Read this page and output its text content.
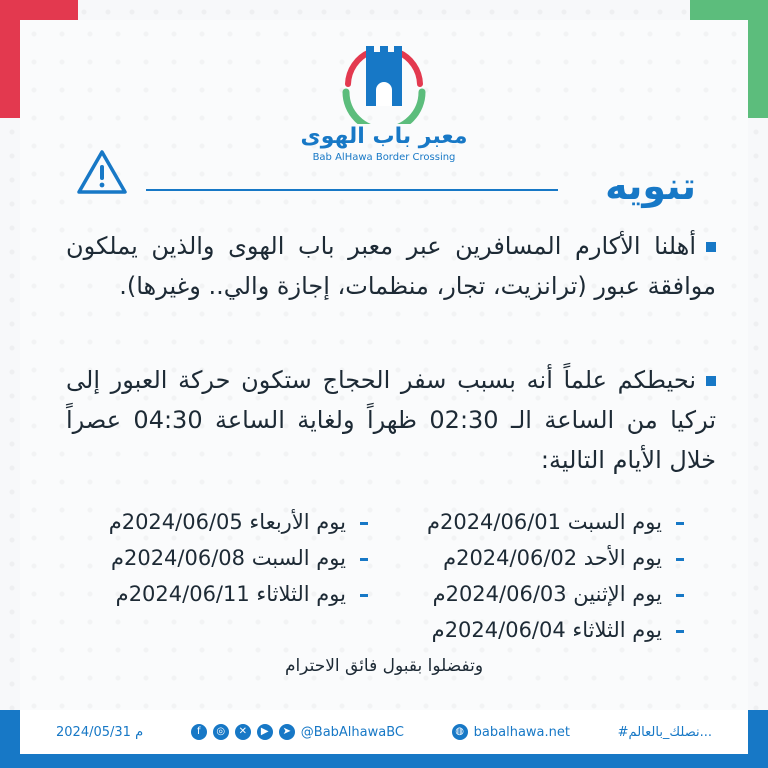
معبر باب الهوى
Bab AlHawa Border Crossing
تنويه
أهلنا الأكارم المسافرين عبر معبر باب الهوى والذين يملكون موافقة عبور (ترانزيت، تجار، منظمات، إجازة والي.. وغيرها).
نحيطكم علماً أنه بسبب سفر الحجاج ستكون حركة العبور إلى تركيا من الساعة الـ 02:30 ظهراً ولغاية الساعة 04:30 عصراً خلال الأيام التالية:
يوم السبت 2024/06/01م
يوم الأحد 2024/06/02م
يوم الإثنين 2024/06/03م
يوم الثلاثاء 2024/06/04م
يوم الأربعاء 2024/06/05م
يوم السبت 2024/06/08م
يوم الثلاثاء 2024/06/11م
وتفضلوا بقبول فائق الاحترام
2024/05/31 م	f	◎	✕	▶	➤ @BabAlhawaBC	◍ babalhawa.net	#نصلك_بالعالم...
